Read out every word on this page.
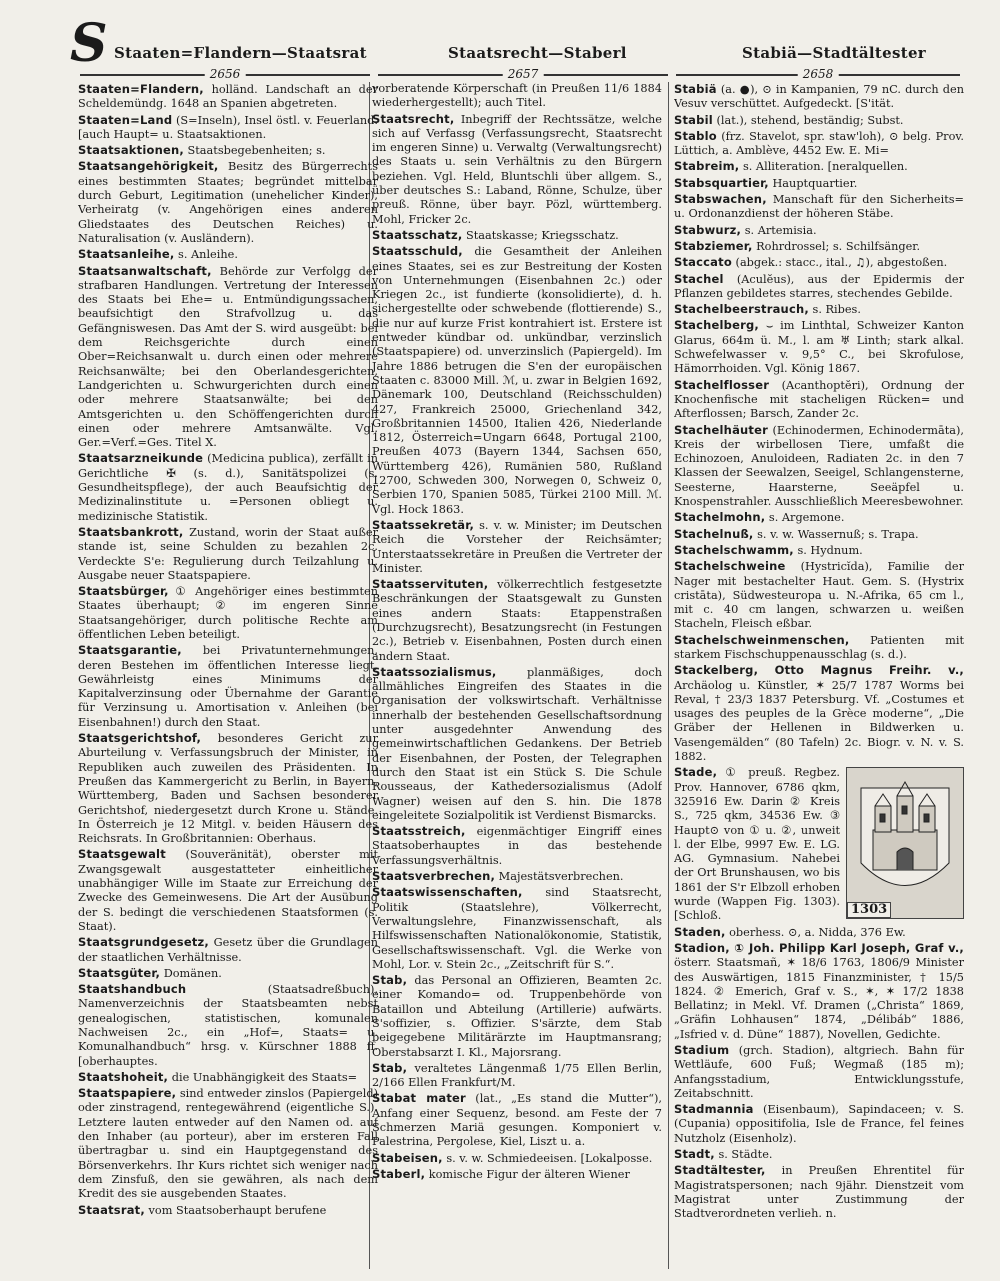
S Staaten=Flandern—Staatsrat	Staatsrecht—Staberl	Stabiä—Stadtältester
2656	2657	2658
Staaten=Flandern, holländ. Landschaft an der Scheldemündg. 1648 an Spanien abgetreten.
Staaten=Land (S=Inseln), Insel östl. v. Feuerland. [auch Haupt= u. Staatsaktionen.
Staatsaktionen, Staatsbegebenheiten; s.
Staatsangehörigkeit, Besitz des Bürgerrechts eines bestimmten Staates; begründet mittelbar durch Geburt, Legitimation (unehelicher Kinder), Verheiratg (v. Angehörigen eines anderen Gliedstaates des Deutschen Reiches) u. Naturalisation (v. Ausländern).
Staatsanleihe, s. Anleihe.
Staatsanwaltschaft, Behörde zur Verfolgg der strafbaren Handlungen. Vertretung der Interessen des Staats bei Ehe= u. Entmündigungssachen, beaufsichtigt den Strafvollzug u. das Gefängniswesen. Das Amt der S. wird ausgeübt: bei dem Reichsgerichte durch einen Ober=Reichsanwalt u. durch einen oder mehrere Reichsanwälte; bei den Oberlandesgerichten, Landgerichten u. Schwurgerichten durch einen oder mehrere Staatsanwälte; bei den Amtsgerichten u. den Schöffengerichten durch einen oder mehrere Amtsanwälte. Vgl. Ger.=Verf.=Ges. Titel X.
Staatsarzneikunde (Medicina publica), zerfällt in Gerichtliche ✠ (s. d.), Sanitätspolizei (s. Gesundheitspflege), der auch Beaufsichtig der Medizinalinstitute u. =Personen obliegt u. medizinische Statistik.
Staatsbankrott, Zustand, worin der Staat außer stande ist, seine Schulden zu bezahlen 2c. Verdeckte S'e: Regulierung durch Teilzahlung u. Ausgabe neuer Staatspapiere.
Staatsbürger, ① Angehöriger eines bestimmten Staates überhaupt; ② im engeren Sinne Staatsangehöriger, durch politische Rechte am öffentlichen Leben beteiligt.
Staatsgarantie, bei Privatunternehmungen, deren Bestehen im öffentlichen Interesse liegt, Gewährleistg eines Minimums der Kapitalverzinsung oder Übernahme der Garantie für Verzinsung u. Amortisation v. Anleihen (bei Eisenbahnen!) durch den Staat.
Staatsgerichtshof, besonderes Gericht zur Aburteilung v. Verfassungsbruch der Minister, in Republiken auch zuweilen des Präsidenten. In Preußen das Kammergericht zu Berlin, in Bayern, Württemberg, Baden und Sachsen besonderer Gerichtshof, niedergesetzt durch Krone u. Stände. In Österreich je 12 Mitgl. v. beiden Häusern des Reichsrats. In Großbritannien: Oberhaus.
Staatsgewalt (Souveränität), oberster mit Zwangsgewalt ausgestatteter einheitlicher unabhängiger Wille im Staate zur Erreichung der Zwecke des Gemeinwesens. Die Art der Ausübung der S. bedingt die verschiedenen Staatsformen (s. Staat).
Staatsgrundgesetz, Gesetz über die Grundlagen der staatlichen Verhältnisse.
Staatsgüter, Domänen.
Staatshandbuch	(Staatsadreßbuch), Namenverzeichnis der Staatsbeamten nebst genealogischen, statistischen, komunalen Nachweisen 2c., ein „Hof=, Staats= u. Komunalhandbuch“ hrsg. v. Kürschner 1888 ff. [oberhauptes.
Staatshoheit, die Unabhängigkeit des Staats=
Staatspapiere, sind entweder zinslos (Papiergeld) oder zinstragend, rentegewährend (eigentliche S.). Letztere lauten entweder auf den Namen od. auf den Inhaber (au porteur), aber im ersteren Fall übertragbar u. sind ein Hauptgegenstand des Börsenverkehrs. Ihr Kurs richtet sich weniger nach dem Zinsfuß, den sie gewähren, als nach dem Kredit des sie ausgebenden Staates.
Staatsrat, vom Staatsoberhaupt berufene
vorberatende Körperschaft (in Preußen 11/6 1884 wiederhergestellt); auch Titel.
Staatsrecht, Inbegriff der Rechtssätze, welche sich auf Verfassg (Verfassungsrecht, Staatsrecht im engeren Sinne) u. Verwaltg (Verwaltungsrecht) des Staats u. sein Verhältnis zu den Bürgern beziehen. Vgl. Held, Bluntschli über allgem. S., über deutsches S.: Laband, Rönne, Schulze, über preuß. Rönne, über bayr. Pözl, württemberg. Mohl, Fricker 2c.
Staatsschatz, Staatskasse; Kriegsschatz.
Staatsschuld, die Gesamtheit der Anleihen eines Staates, sei es zur Bestreitung der Kosten von Unternehmungen (Eisenbahnen 2c.) oder Kriegen 2c., ist fundierte (konsolidierte), d. h. sichergestellte oder schwebende (flottierende) S., die nur auf kurze Frist kontrahiert ist. Erstere ist entweder kündbar od. unkündbar, verzinslich (Staatspapiere) od. unverzinslich (Papiergeld). Im Jahre 1886 betrugen die S'en der europäischen Staaten c. 83000 Mill. ℳ, u. zwar in Belgien 1692, Dänemark 100, Deutschland (Reichsschulden) 427, Frankreich 25000, Griechenland 342, Großbritannien 14500, Italien 426, Niederlande 1812, Österreich=Ungarn 6648, Portugal 2100, Preußen 4073 (Bayern 1344, Sachsen 650, Württemberg 426), Rumänien 580, Rußland 12700, Schweden 300, Norwegen 0, Schweiz 0, Serbien 170, Spanien 5085, Türkei 2100 Mill. ℳ. Vgl. Hock 1863.
Staatssekretär, s. v. w. Minister; im Deutschen Reich die Vorsteher der Reichsämter; Unterstaatssekretäre in Preußen die Vertreter der Minister.
Staatsservituten, völkerrechtlich festgesetzte Beschränkungen der Staatsgewalt zu Gunsten eines andern Staats: Etappenstraßen (Durchzugsrecht), Besatzungsrecht (in Festungen 2c.), Betrieb v. Eisenbahnen, Posten durch einen andern Staat.
Staatssozialismus,	planmäßiges, doch allmähliches Eingreifen des Staates in die Organisation der volkswirtschaft. Verhältnisse innerhalb der bestehenden Gesellschaftsordnung unter ausgedehnter Anwendung des gemeinwirtschaftlichen Gedankens. Der Betrieb der Eisenbahnen, der Posten, der Telegraphen durch den Staat ist ein Stück S. Die Schule Rousseaus, der Kathedersozialismus (Adolf Wagner) weisen auf den S. hin. Die 1878 eingeleitete Sozialpolitik ist Verdienst Bismarcks.
Staatsstreich, eigenmächtiger Eingriff eines Staatsoberhauptes in das bestehende Verfassungsverhältnis.
Staatsverbrechen, Majestätsverbrechen.
Staatswissenschaften, sind Staatsrecht, Politik (Staatslehre), Völkerrecht, Verwaltungslehre, Finanzwissenschaft, als Hilfswissenschaften Nationalökonomie, Statistik, Gesellschaftswissenschaft. Vgl. die Werke von Mohl, Lor. v. Stein 2c., „Zeitschrift für S.“.
Stab, das Personal an Offizieren, Beamten 2c. einer Komando= od. Truppenbehörde von Bataillon und Abteilung (Artillerie) aufwärts. S'soffizier, s. Offizier. S'särzte, dem Stab beigegebene Militärärzte im Hauptmansrang; Oberstabsarzt I. Kl., Majorsrang.
Stab, veraltetes Längenmaß 1/75 Ellen Berlin, 2/166 Ellen Frankfurt/M.
Stabat mater (lat., „Es stand die Mutter“), Anfang einer Sequenz, besond. am Feste der 7 Schmerzen Mariä gesungen. Komponiert v. Palestrina, Pergolese, Kiel, Liszt u. a.
Stabeisen, s. v. w. Schmiedeeisen. [Lokalposse.
Staberl, komische Figur der älteren Wiener
Stabiä (a. ●), ⊙ in Kampanien, 79 nC. durch den Vesuv verschüttet. Aufgedeckt. [S'ität.
Stabil (lat.), stehend, beständig; Subst.
Stablo (frz. Stavelot, spr. staw'loh), ⊙ belg. Prov. Lüttich, a. Amblève, 4452 Ew. E. Mi=
Stabreim, s. Alliteration. [neralquellen.
Stabsquartier, Hauptquartier.
Stabswachen, Manschaft für den Sicherheits= u. Ordonanzdienst der höheren Stäbe.
Stabwurz, s. Artemisia.
Stabziemer, Rohrdrossel; s. Schilfsänger.
Staccato (abgek.: stacc., ital., ♫), abgestoßen.
Stachel (Aculĕus), aus der Epidermis der Pflanzen gebildetes starres, stechendes Gebilde.
Stachelbeerstrauch, s. Ribes.
Stachelberg, ⌣ im Linthtal, Schweizer Kanton Glarus, 664m ü. M., l. am ♅ Linth; stark alkal. Schwefelwasser v. 9,5° C., bei Skrofulose, Hämorrhoiden. Vgl. König 1867.
Stachelflosser (Acanthoptĕri), Ordnung der Knochenfische mit stacheligen Rücken= und Afterflossen; Barsch, Zander 2c.
Stachelhäuter (Echinodermen, Echinodermāta), Kreis der wirbellosen Tiere, umfaßt die Echinozoen, Anuloideen, Radiaten 2c. in den 7 Klassen der Seewalzen, Seeigel, Schlangensterne, Seesterne, Haarsterne, Seeäpfel u. Knospenstrahler. Ausschließlich Meeresbewohner.
Stachelmohn, s. Argemone.
Stachelnuß, s. v. w. Wassernuß; s. Trapa.
Stachelschwamm, s. Hydnum.
Stachelschweine (Hystricĭda), Familie der Nager mit bestachelter Haut. Gem. S. (Hystrix cristāta), Südwesteuropa u. N.-Afrika, 65 cm l., mit c. 40 cm langen, schwarzen u. weißen Stacheln, Fleisch eßbar.
Stachelschweinmenschen, Patienten mit starkem Fischschuppenausschlag (s. d.).
Stackelberg, Otto Magnus Freihr. v., Archäolog u. Künstler, ✶ 25/7 1787 Worms bei Reval, † 23/3 1837 Petersburg. Vf. „Costumes et usages des peuples de la Grèce moderne“, „Die Gräber der Hellenen in Bildwerken u. Vasengemälden“ (80 Tafeln) 2c. Biogr. v. N. v. S. 1882.
1303
Stade, ① preuß. Regbez. Prov. Hannover, 6786 qkm, 325916 Ew. Darin ② Kreis S., 725 qkm, 34536 Ew. ③ Haupt⊙ von ① u. ②, unweit l. der Elbe, 9997 Ew. E. LG. AG. Gymnasium. Nahebei der Ort Brunshausen, wo bis 1861 der S'r Elbzoll erhoben wurde (Wappen Fig. 1303). [Schloß.
Staden, oberhess. ⊙, a. Nidda, 376 Ew.
Stadion, ① Joh. Philipp Karl Joseph, Graf v., österr. Staatsmañ, ✶ 18/6 1763, 1806/9 Minister des Auswärtigen, 1815 Finanzminister, † 15/5 1824. ② Emerich, Graf v. S., ✶, ✶ 17/2 1838 Bellatinz; in Mekl. Vf. Dramen („Christa“ 1869, „Gräfin Lohhausen“ 1874, „Délibáb“ 1886, „Isfried v. d. Düne“ 1887), Novellen, Gedichte.
Stadium (grch. Stadion), altgriech. Bahn für Wettläufe, 600 Fuß; Wegmaß (185 m); Anfangsstadium, Entwicklungsstufe, Zeitabschnitt.
Stadmannia (Eisenbaum), Sapindaceen; v. S. (Cupania) oppositifolia, Isle de France, fel feines Nutzholz (Eisenholz).
Stadt, s. Städte.
Stadtältester, in Preußen Ehrentitel für Magistratspersonen; nach 9jähr. Dienstzeit vom Magistrat unter Zustimmung der Stadtverordneten verlieh. n.
